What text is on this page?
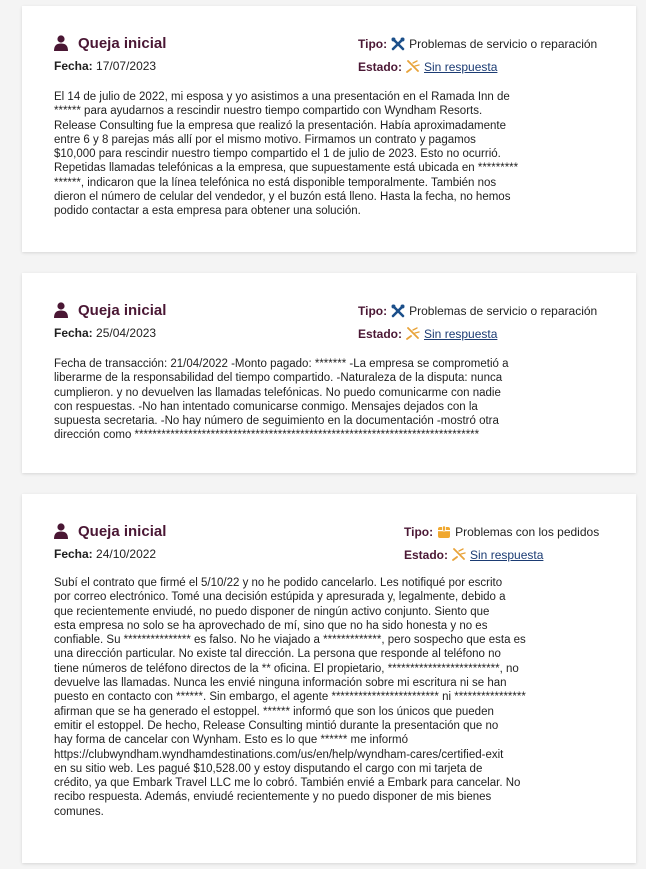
Queja inicial
Fecha: 17/07/2023
Tipo: Problemas de servicio o reparación
Estado: Sin respuesta

El 14 de julio de 2022, mi esposa y yo asistimos a una presentación en el Ramada Inn de
****** para ayudarnos a rescindir nuestro tiempo compartido con Wyndham Resorts.
Release Consulting fue la empresa que realizó la presentación. Había aproximadamente
entre 6 y 8 parejas más allí por el mismo motivo. Firmamos un contrato y pagamos
$10,000 para rescindir nuestro tiempo compartido el 1 de julio de 2023. Esto no ocurrió.
Repetidas llamadas telefónicas a la empresa, que supuestamente está ubicada en *********
******, indicaron que la línea telefónica no está disponible temporalmente. También nos
dieron el número de celular del vendedor, y el buzón está lleno. Hasta la fecha, no hemos
podido contactar a esta empresa para obtener una solución.

Queja inicial
Fecha: 25/04/2023
Tipo: Problemas de servicio o reparación
Estado: Sin respuesta

Fecha de transacción: 21/04/2022 -Monto pagado: ******* -La empresa se comprometió a
liberarme de la responsabilidad del tiempo compartido. -Naturaleza de la disputa: nunca
cumplieron. y no devuelven las llamadas telefónicas. No puedo comunicarme con nadie
con respuestas. -No han intentado comunicarse conmigo. Mensajes dejados con la
supuesta secretaria. -No hay número de seguimiento en la documentación -mostró otra
dirección como *****************************************************************************

Queja inicial
Fecha: 24/10/2022
Tipo: Problemas con los pedidos
Estado: Sin respuesta

Subí el contrato que firmé el 5/10/22 y no he podido cancelarlo. Les notifiqué por escrito
por correo electrónico. Tomé una decisión estúpida y apresurada y, legalmente, debido a
que recientemente enviudé, no puedo disponer de ningún activo conjunto. Siento que
esta empresa no solo se ha aprovechado de mí, sino que no ha sido honesta y no es
confiable. Su *************** es falso. No he viajado a *************, pero sospecho que esta es
una dirección particular. No existe tal dirección. La persona que responde al teléfono no
tiene números de teléfono directos de la ** oficina. El propietario, *************************, no
devuelve las llamadas. Nunca les envié ninguna información sobre mi escritura ni se han
puesto en contacto con ******. Sin embargo, el agente ************************ ni ****************
afirman que se ha generado el estoppel. ****** informó que son los únicos que pueden
emitir el estoppel. De hecho, Release Consulting mintió durante la presentación que no
hay forma de cancelar con Wynham. Esto es lo que ****** me informó
https://clubwyndham.wyndhamdestinations.com/us/en/help/wyndham-cares/certified-exit
en su sitio web. Les pagué $10,528.00 y estoy disputando el cargo con mi tarjeta de
crédito, ya que Embark Travel LLC me lo cobró. También envié a Embark para cancelar. No
recibo respuesta. Además, enviudé recientemente y no puedo disponer de mis bienes
comunes.
